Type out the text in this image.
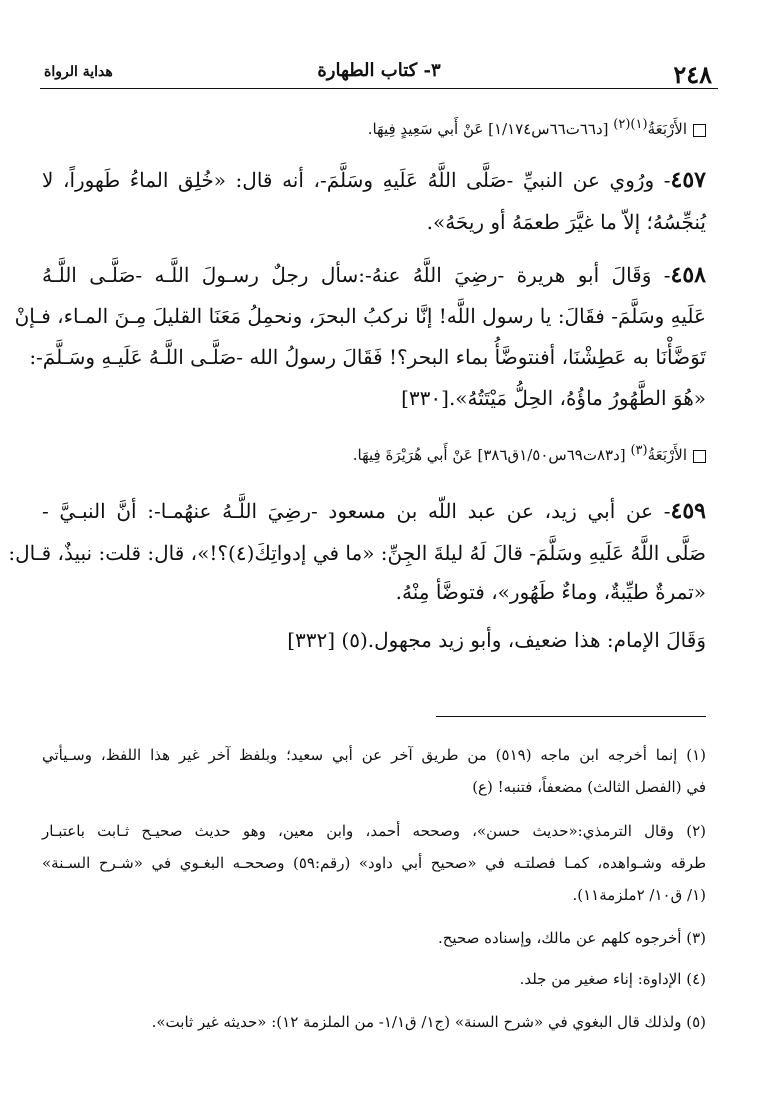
٢٤٨
٣- كتاب الطهارة
هداية الرواة
الأَرْبَعَةُ$^{(١)(٢)}$ [د٦٦ت٦٦س١/١٧٤] عَنْ أَبي سَعِيدٍ فِيهَا.
٤٥٧- ورُوي عن النبيِّ -صَلَّى اللَّهُ عَلَيهِ وسَلَّمَ-، أنه قال: «خُلِق الماءُ طَهوراً، لا
يُنجِّسُهُ؛ إلاّ ما غيَّرَ طعمَهُ أو ريحَهُ».
٤٥٨- وَقَالَ أبو هريرة -رضِيَ اللَّهُ عنهُ-:سأل رجلٌ رسـولَ اللَّـه -صَلَّـى اللَّـهُ
عَلَيهِ وسَلَّمَ- فقَالَ: يا رسول اللَّه! إنَّا نركبُ البحرَ، ونحمِلُ مَعَنَا القليلَ مِـنَ المـاء، فـإنْ
تَوَضَّأْنَا به عَطِشْنَا، أفنتوضَّأُ بماء البحر؟! فَقَالَ رسولُ الله -صَلَّـى اللَّـهُ عَلَيـهِ وسَـلَّمَ-:
«هُوَ الطَّهُورُ ماؤُهُ، الحِلُّ مَيْتَتُهُ».[٣٣٠]
الأَرْبَعَةُ$^{(٣)}$ [د٨٣ت٦٩س١/٥٠ق٣٨٦] عَنْ أَبي هُرَيْرَةَ فِيهَا.
٤٥٩- عن أبي زيد، عن عبد اللّه بن مسعود -رضِيَ اللَّـهُ عنهُمـا-: أنَّ النبـيَّ -
صَلَّى اللَّهُ عَلَيهِ وسَلَّمَ- قالَ لَهُ ليلةَ الجِنِّ: «ما في إدواتِكَ(٤)؟!»، قال: قلت: نبيذٌ، قـال:
«تمرةٌ طيِّبةٌ، وماءٌ طَهُور»، فتوضَّأ مِنْهُ.
وَقَالَ الإمام: هذا ضعيف، وأبو زيد مجهول.(٥) [٣٣٢]
(١) إنما أخرجه ابن ماجه (٥١٩) من طريق آخر عن أبي سعيد؛ وبلفظ آخر غير هذا اللفظ، وسـيأتي
في (الفصل الثالث) مضعفاً، فتنبه! (ع)
(٢) وقال الترمذي:«حديث حسن»، وصححه أحمد، وابن معين، وهو حديث صحيـح ثـابت باعتبـار
طرقه وشـواهده، كمـا فصلتـه في «صحيح أبي داود» (رقم:٥٩) وصححـه البغـوي في «شـرح السـنة»
(١/ ق١٠/ ٢ملزمة١١).
(٣) أخرجوه كلهم عن مالك، وإسناده صحيح.
(٤) الإداوة: إناء صغير من جلد.
(٥) ولذلك قال البغوي في «شرح السنة» (ج١/ ق١/١- من الملزمة ١٢): «حديثه غير ثابت».
